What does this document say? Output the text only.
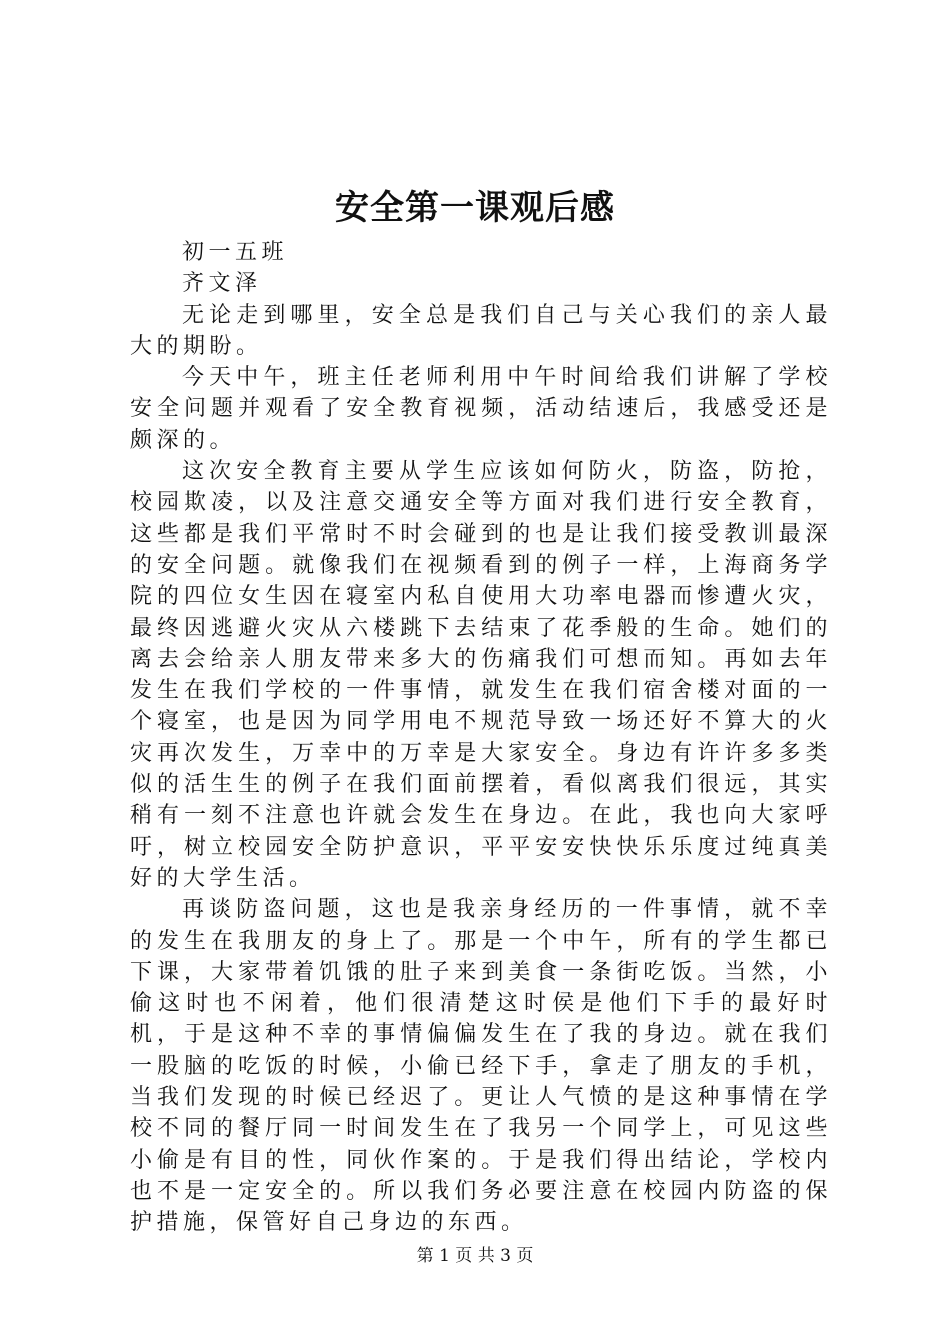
安全第一课观后感

初一五班

齐文泽

无论走到哪里，安全总是我们自己与关心我们的亲人最大的期盼。

今天中午，班主任老师利用中午时间给我们讲解了学校安全问题并观看了安全教育视频，活动结速后，我感受还是颇深的。

这次安全教育主要从学生应该如何防火，防盗，防抢，校园欺凌，以及注意交通安全等方面对我们进行安全教育，这些都是我们平常时不时会碰到的也是让我们接受教训最深的安全问题。就像我们在视频看到的例子一样，上海商务学院的四位女生因在寝室内私自使用大功率电器而惨遭火灾，最终因逃避火灾从六楼跳下去结束了花季般的生命。她们的离去会给亲人朋友带来多大的伤痛我们可想而知。再如去年发生在我们学校的一件事情，就发生在我们宿舍楼对面的一个寝室，也是因为同学用电不规范导致一场还好不算大的火灾再次发生，万幸中的万幸是大家安全。身边有许许多多类似的活生生的例子在我们面前摆着，看似离我们很远，其实稍有一刻不注意也许就会发生在身边。在此，我也向大家呼吁，树立校园安全防护意识，平平安安快快乐乐度过纯真美好的大学生活。

再谈防盗问题，这也是我亲身经历的一件事情，就不幸的发生在我朋友的身上了。那是一个中午，所有的学生都已下课，大家带着饥饿的肚子来到美食一条街吃饭。当然，小偷这时也不闲着，他们很清楚这时侯是他们下手的最好时机，于是这种不幸的事情偏偏发生在了我的身边。就在我们一股脑的吃饭的时候，小偷已经下手，拿走了朋友的手机，当我们发现的时候已经迟了。更让人气愤的是这种事情在学校不同的餐厅同一时间发生在了我另一个同学上，可见这些小偷是有目的性，同伙作案的。于是我们得出结论，学校内也不是一定安全的。所以我们务必要注意在校园内防盗的保护措施，保管好自己身边的东西。

第 1 页 共 3 页
